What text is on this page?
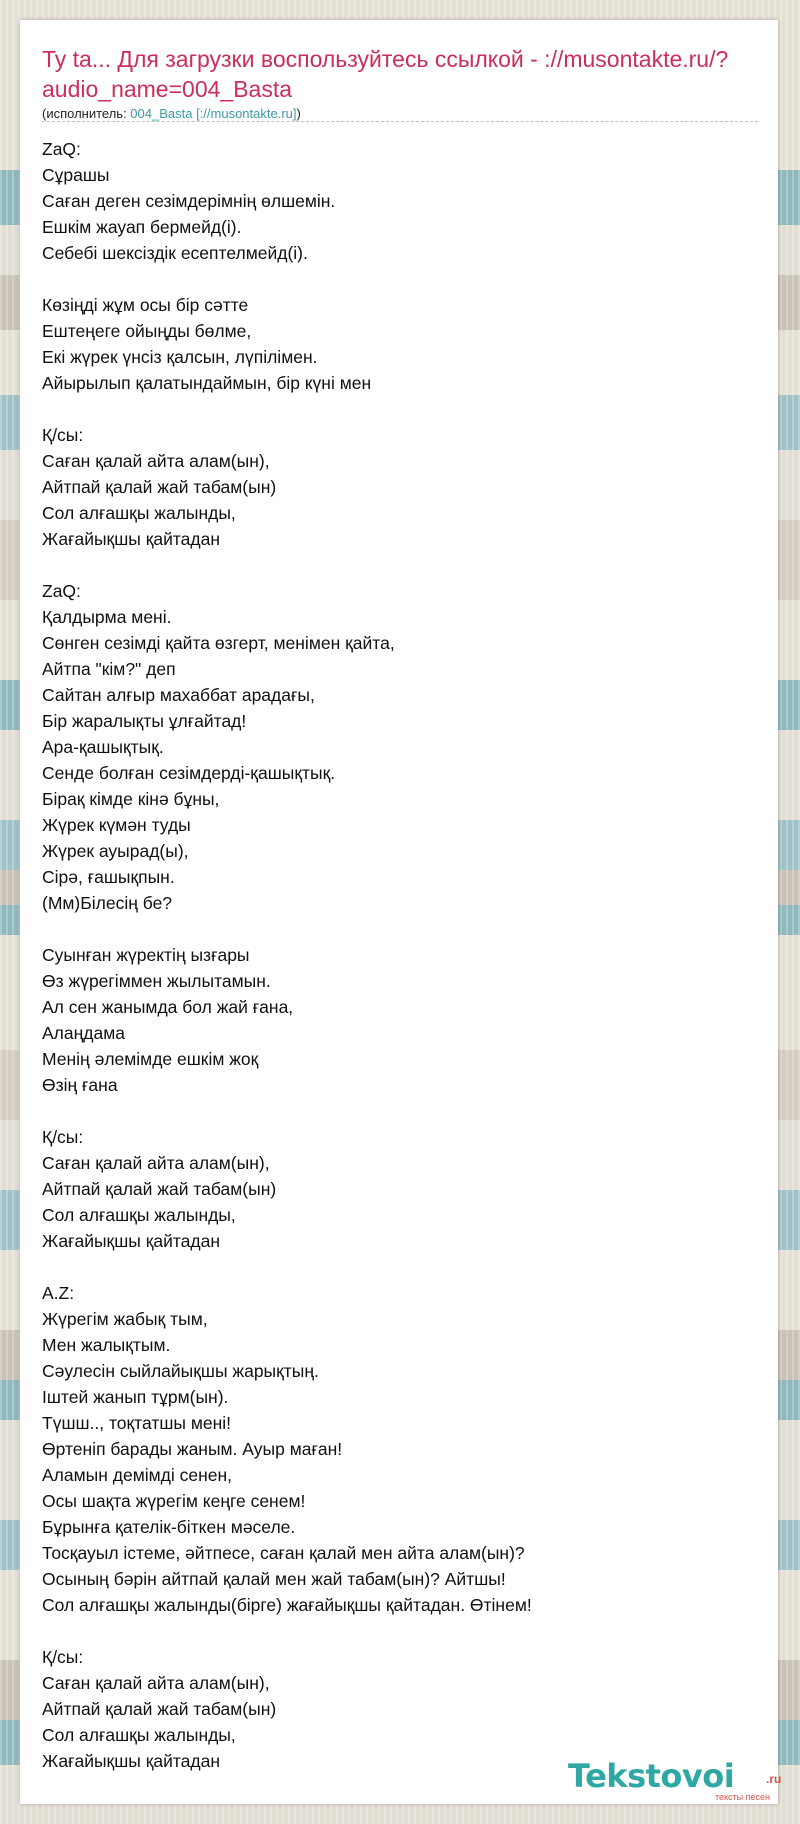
Ty ta... Для загрузки воспользуйтесь ссылкой - ://musontakte.ru/?audio_name=004_Basta
(исполнитель: 004_Basta [://musontakte.ru])
ZaQ:
Сұрашы
Саған деген сезімдерімнің өлшемін.
Ешкім жауап бермейд(і).
Себебі шексіздік есептелмейд(і).
Көзіңді жұм осы бір сәтте
Ештеңеге ойыңды бөлме,
Екі жүрек үнсіз қалсын, лүпілімен.
Айырылып қалатындаймын, бір күні мен
Қ/сы:
Саған қалай айта алам(ын),
Айтпай қалай жай табам(ын)
Сол алғашқы жалынды,
Жағайықшы қайтадан
ZaQ:
Қалдырма мені.
Сөнген сезімді қайта өзгерт, менімен қайта,
Айтпа "кім?" деп
Сайтан алғыр махаббат арадағы,
Бір жаралықты ұлғайтад!
Ара-қашықтық.
Сенде болған сезімдерді-қашықтық.
Бірақ кімде кінә бұны,
Жүрек күмән туды
Жүрек ауырад(ы),
Сірә, ғашықпын.
(Мм)Білесің бе?
Суынған жүректің ызғары
Өз жүрегіммен жылытамын.
Ал сен жанымда бол жай ғана,
Алаңдама
Менің әлемімде ешкім жоқ
Өзің ғана
Қ/сы:
Саған қалай айта алам(ын),
Айтпай қалай жай табам(ын)
Сол алғашқы жалынды,
Жағайықшы қайтадан
A.Z:
Жүрегім жабық тым,
Мен жалықтым.
Сәулесін сыйлайықшы жарықтың.
Іштей жанып тұрм(ын).
Түшш.., тоқтатшы мені!
Өртеніп барады жаным. Ауыр маған!
Аламын демімді сенен,
Осы шақта жүрегім кеңге сенем!
Бұрынға қателік-біткен мәселе.
Тосқауыл істеме, әйтпесе, саған қалай мен айта алам(ын)?
Осының бәрін айтпай қалай мен жай табам(ын)? Айтшы!
Сол алғашқы жалынды(бірге) жағайықшы қайтадан. Өтінем!
Қ/сы:
Саған қалай айта алам(ын),
Айтпай қалай жай табам(ын)
Сол алғашқы жалынды,
Жағайықшы қайтадан	Tekstovoi	.ru
тексты песен
